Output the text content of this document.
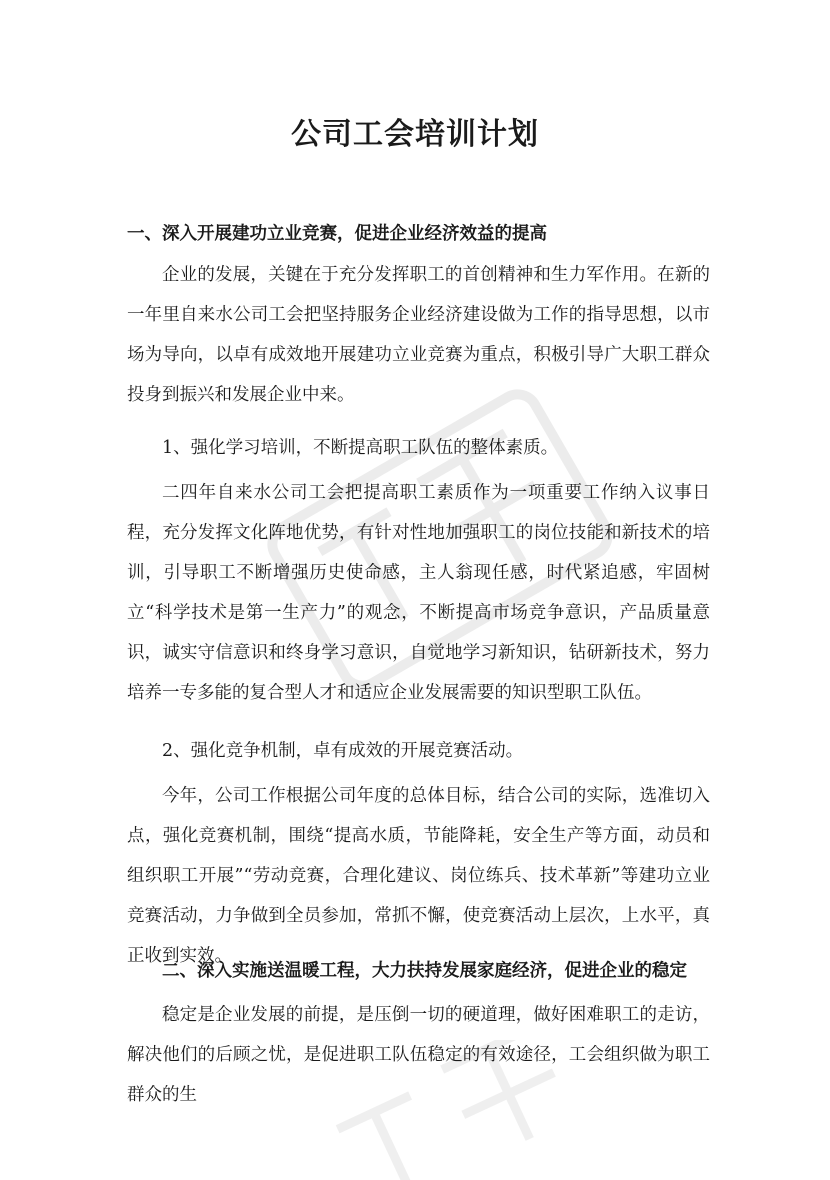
公司工会培训计划
一、深入开展建功立业竞赛，促进企业经济效益的提高
企业的发展，关键在于充分发挥职工的首创精神和生力军作用。在新的一年里自来水公司工会把坚持服务企业经济建设做为工作的指导思想，以市场为导向，以卓有成效地开展建功立业竞赛为重点，积极引导广大职工群众投身到振兴和发展企业中来。
1、强化学习培训，不断提高职工队伍的整体素质。
二四年自来水公司工会把提高职工素质作为一项重要工作纳入议事日程，充分发挥文化阵地优势，有针对性地加强职工的岗位技能和新技术的培训，引导职工不断增强历史使命感，主人翁现任感，时代紧追感，牢固树立“科学技术是第一生产力”的观念，不断提高市场竞争意识，产品质量意识，诚实守信意识和终身学习意识，自觉地学习新知识，钻研新技术，努力培养一专多能的复合型人才和适应企业发展需要的知识型职工队伍。
2、强化竞争机制，卓有成效的开展竞赛活动。
今年，公司工作根据公司年度的总体目标，结合公司的实际，选准切入点，强化竞赛机制，围绕“提高水质，节能降耗，安全生产等方面，动员和组织职工开展”“劳动竞赛，合理化建议、岗位练兵、技术革新”等建功立业竞赛活动，力争做到全员参加，常抓不懈，使竞赛活动上层次，上水平，真正收到实效。
二、深入实施送温暖工程，大力扶持发展家庭经济，促进企业的稳定
稳定是企业发展的前提，是压倒一切的硬道理，做好困难职工的走访，解决他们的后顾之忧，是促进职工队伍稳定的有效途径，工会组织做为职工群众的生
